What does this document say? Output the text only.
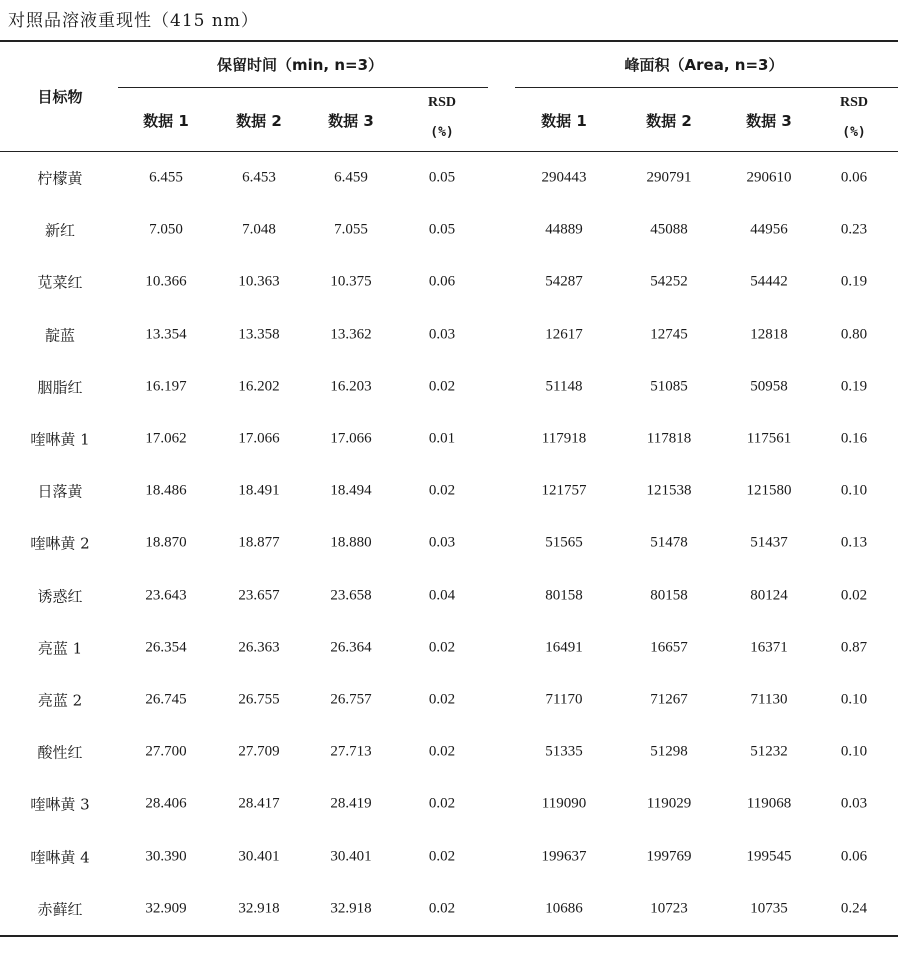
对照品溶液重现性（415 nm）
目标物
保留时间（min, n=3）	峰面积（Area, n=3）
数据 1	数据 2	数据 3
RSD
(%)
数据 1	数据 2	数据 3
RSD
(%)
柠檬黄	6.455	6.453	6.459	0.05	290443	290791	290610	0.06
新红	7.050	7.048	7.055	0.05	44889	45088	44956	0.23
苋菜红	10.366	10.363	10.375	0.06	54287	54252	54442	0.19
靛蓝	13.354	13.358	13.362	0.03	12617	12745	12818	0.80
胭脂红	16.197	16.202	16.203	0.02	51148	51085	50958	0.19
喹啉黄 1	17.062	17.066	17.066	0.01	117918	117818	117561	0.16
日落黄	18.486	18.491	18.494	0.02	121757	121538	121580	0.10
喹啉黄 2	18.870	18.877	18.880	0.03	51565	51478	51437	0.13
诱惑红	23.643	23.657	23.658	0.04	80158	80158	80124	0.02
亮蓝 1	26.354	26.363	26.364	0.02	16491	16657	16371	0.87
亮蓝 2	26.745	26.755	26.757	0.02	71170	71267	71130	0.10
酸性红	27.700	27.709	27.713	0.02	51335	51298	51232	0.10
喹啉黄 3	28.406	28.417	28.419	0.02	119090	119029	119068	0.03
喹啉黄 4	30.390	30.401	30.401	0.02	199637	199769	199545	0.06
赤藓红	32.909	32.918	32.918	0.02	10686	10723	10735	0.24
